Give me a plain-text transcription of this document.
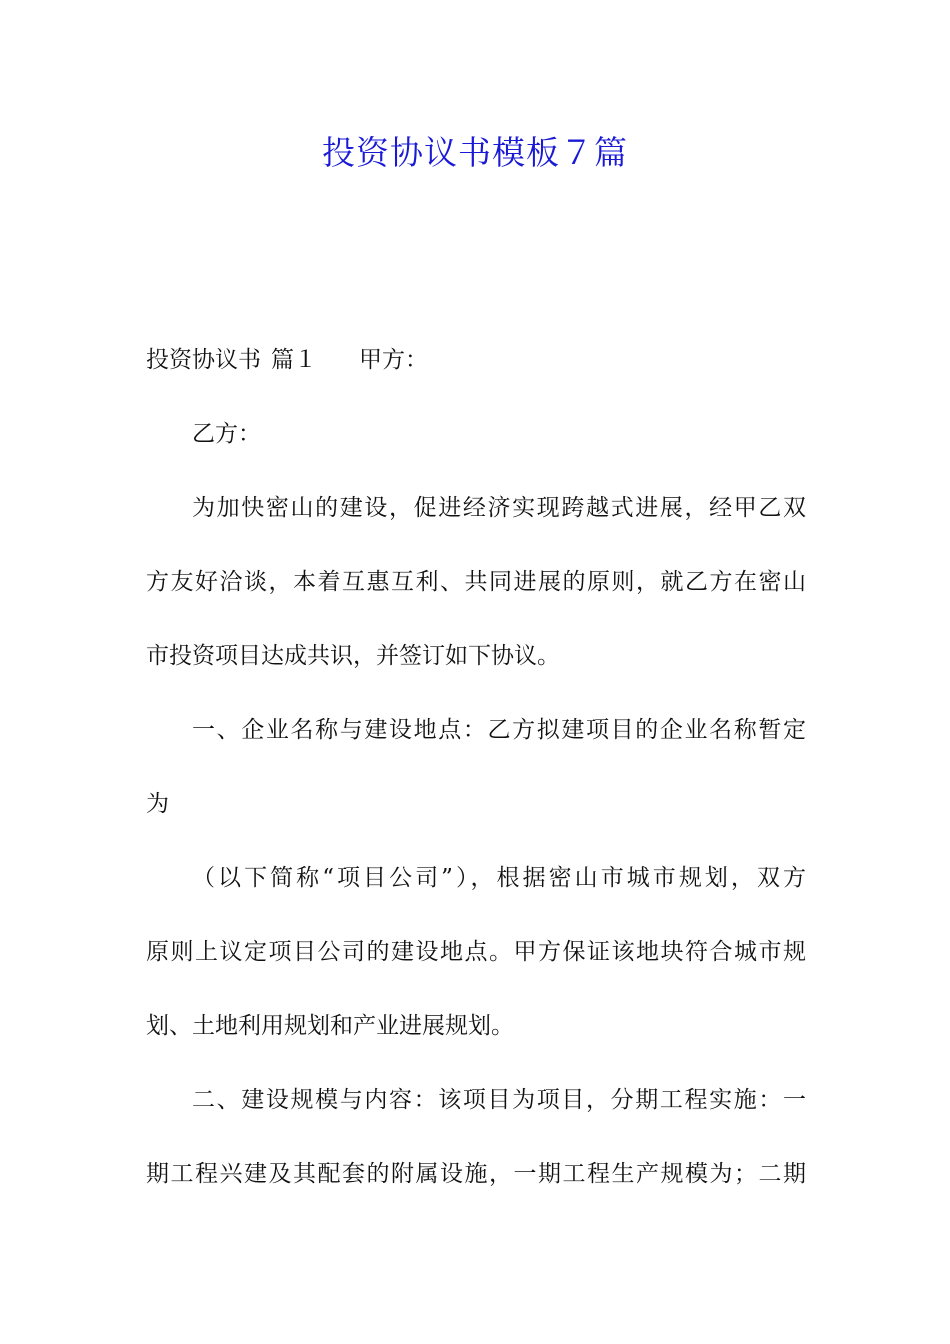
投资协议书模板７篇
投资协议书 篇１ 甲方：
乙方：
为加快密山的建设，促进经济实现跨越式进展，经甲乙双
方友好洽谈，本着互惠互利、共同进展的原则，就乙方在密山
市投资项目达成共识，并签订如下协议。
一、企业名称与建设地点：乙方拟建项目的企业名称暂定
为
（以下简称“项目公司”），根据密山市城市规划，双方
原则上议定项目公司的建设地点。甲方保证该地块符合城市规
划、土地利用规划和产业进展规划。
二、建设规模与内容：该项目为项目，分期工程实施：一
期工程兴建及其配套的附属设施，一期工程生产规模为；二期
